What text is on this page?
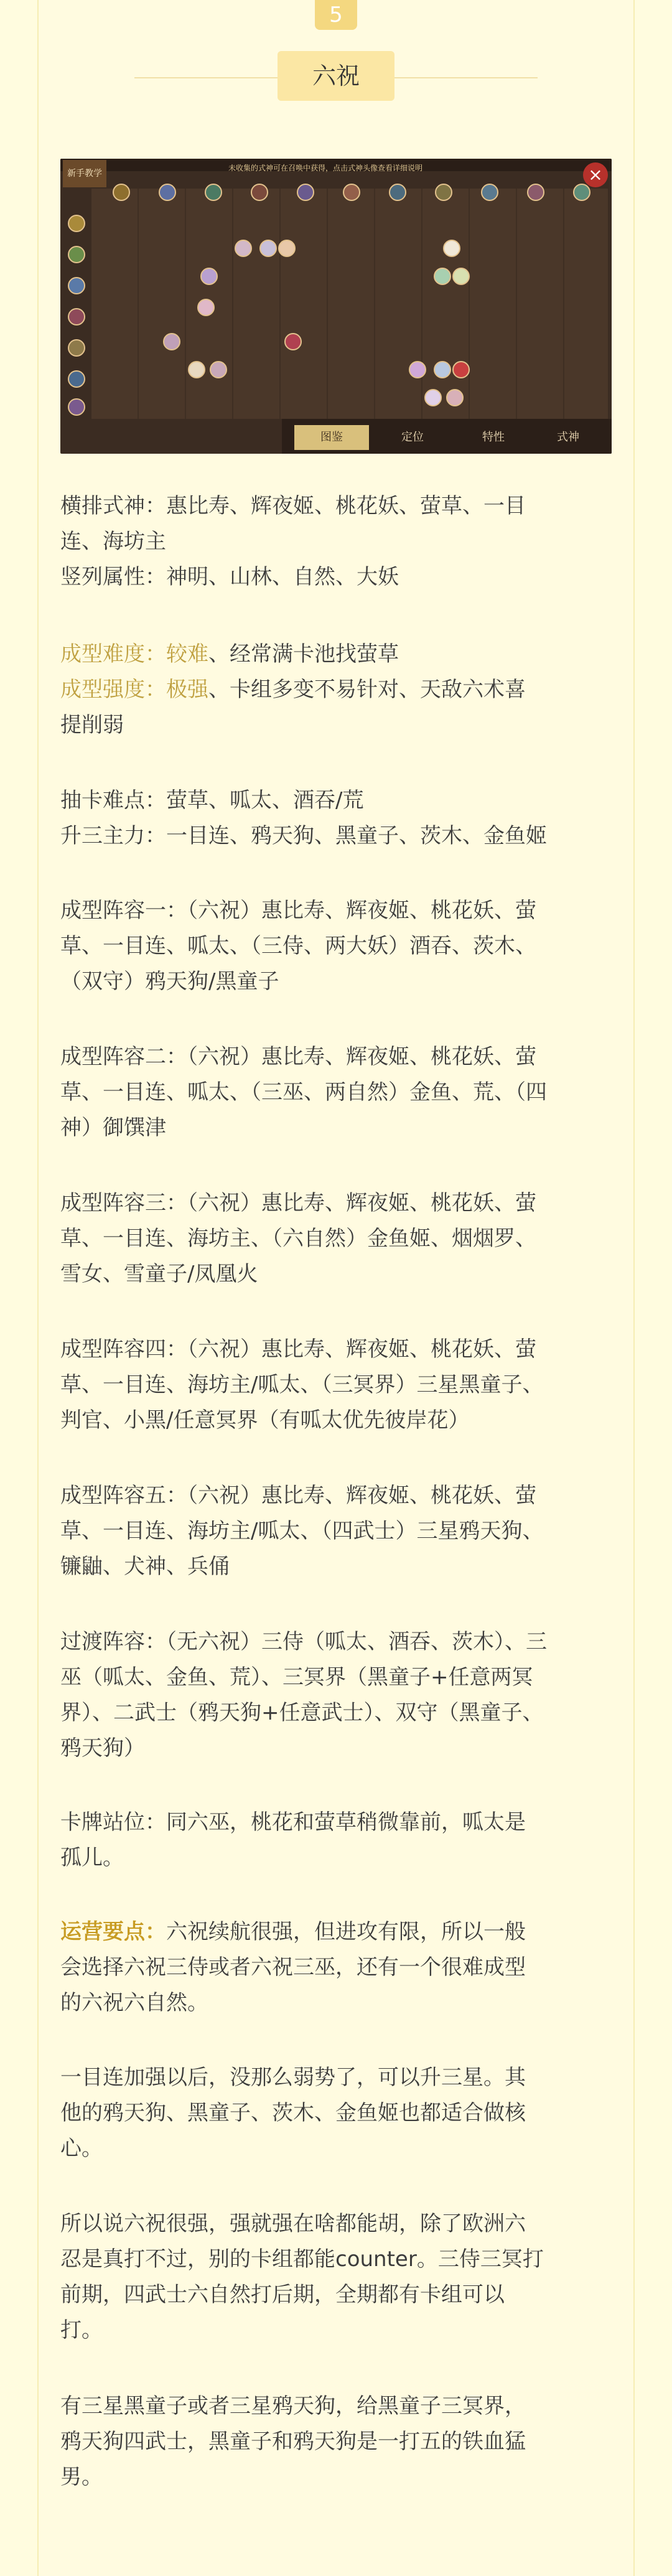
5
六祝
新手教学
未收集的式神可在召唤中获得，点击式神头像查看详细说明	×
图鉴	定位	特性	式神

横排式神：惠比寿、辉夜姬、桃花妖、萤草、一目
连、海坊主

竖列属性：神明、山林、自然、大妖

成型难度：较难、经常满卡池找萤草

成型强度：极强、卡组多变不易针对、天敌六术喜
提削弱

抽卡难点：萤草、呱太、酒吞/荒

升三主力：一目连、鸦天狗、黑童子、茨木、金鱼姬

成型阵容一：（六祝）惠比寿、辉夜姬、桃花妖、萤
草、一目连、呱太、（三侍、两大妖）酒吞、茨木、
（双守）鸦天狗/黑童子

成型阵容二：（六祝）惠比寿、辉夜姬、桃花妖、萤
草、一目连、呱太、（三巫、两自然）金鱼、荒、（四
神）御馔津

成型阵容三：（六祝）惠比寿、辉夜姬、桃花妖、萤
草、一目连、海坊主、（六自然）金鱼姬、烟烟罗、
雪女、雪童子/凤凰火

成型阵容四：（六祝）惠比寿、辉夜姬、桃花妖、萤
草、一目连、海坊主/呱太、（三冥界）三星黑童子、
判官、小黑/任意冥界（有呱太优先彼岸花）

成型阵容五：（六祝）惠比寿、辉夜姬、桃花妖、萤
草、一目连、海坊主/呱太、（四武士）三星鸦天狗、
镰鼬、犬神、兵俑

过渡阵容：（无六祝）三侍（呱太、酒吞、茨木）、三
巫（呱太、金鱼、荒）、三冥界（黑童子+任意两冥
界）、二武士（鸦天狗+任意武士）、双守（黑童子、
鸦天狗）

卡牌站位：同六巫，桃花和萤草稍微靠前，呱太是
孤儿。

运营要点：六祝续航很强，但进攻有限，所以一般
会选择六祝三侍或者六祝三巫，还有一个很难成型
的六祝六自然。

一目连加强以后，没那么弱势了，可以升三星。其
他的鸦天狗、黑童子、茨木、金鱼姬也都适合做核
心。

所以说六祝很强，强就强在啥都能胡，除了欧洲六
忍是真打不过，别的卡组都能counter。三侍三冥打
前期，四武士六自然打后期，全期都有卡组可以
打。

有三星黑童子或者三星鸦天狗，给黑童子三冥界，
鸦天狗四武士，黑童子和鸦天狗是一打五的铁血猛
男。
